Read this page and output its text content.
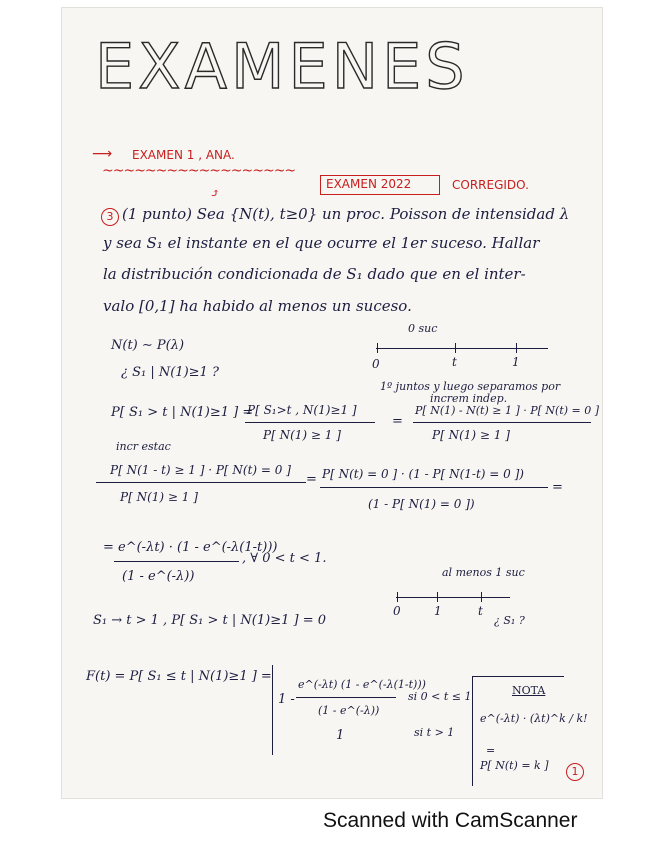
EXAMENES
⟶ EXAMEN 1 , ANA.
~~~~~~~~~~~~~~~~~~
EXAMEN 2022	CORREGIDO.
⤴
3 (1 punto) Sea {N(t), t≥0} un proc. Poisson de intensidad λ
y sea S₁ el instante en el que ocurre el 1er suceso. Hallar
la distribución condicionada de S₁ dado que en el inter-
valo [0,1] ha habido al menos un suceso.
N(t) ∼ P(λ)
¿ S₁ | N(1)≥1 ?
0	t	1
0 suc
1º juntos y luego separamos por
increm indep.
P[ S₁ > t | N(1)≥1 ] =
P[ S₁>t , N(1)≥1 ]
P[ N(1) ≥ 1 ]
=
P[ N(1) - N(t) ≥ 1 ] · P[ N(t) = 0 ]
P[ N(1) ≥ 1 ]
incr estac
P[ N(1 - t) ≥ 1 ] · P[ N(t) = 0 ]
P[ N(1) ≥ 1 ]
= P[ N(t) = 0 ] · (1 - P[ N(1-t) = 0 ])
(1 - P[ N(1) = 0 ])
=
= e^(-λt) · (1 - e^(-λ(1-t)))
(1 - e^(-λ))
, ∀ 0 < t < 1.
0	1	t
al menos 1 suc
¿ S₁ ?
S₁ → t > 1 , P[ S₁ > t | N(1)≥1 ] = 0
F(t) = P[ S₁ ≤ t | N(1)≥1 ] =
1 -
e^(-λt) (1 - e^(-λ(1-t)))
(1 - e^(-λ))
si 0 < t ≤ 1
1	si t > 1
NOTA
e^(-λt) · (λt)^k / k!
=
P[ N(t) = k ]	1
Scanned with CamScanner
